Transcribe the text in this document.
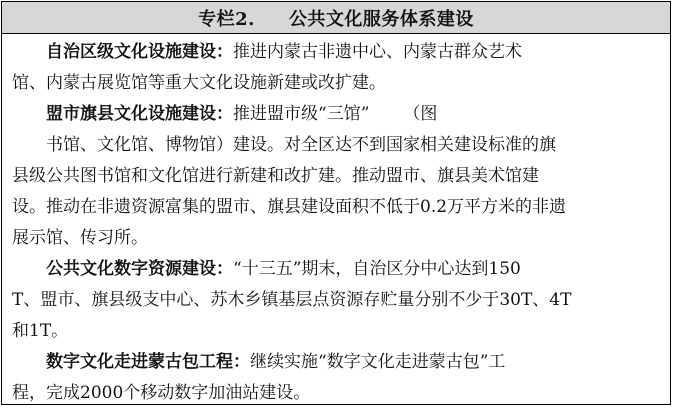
专栏2. 公共文化服务体系建设
自治区级文化设施建设：推进内蒙古非遗中心、内蒙古群众艺术
馆、内蒙古展览馆等重大文化设施新建或改扩建。
盟市旗县文化设施建设：推进盟市级“三馆” （图
书馆、文化馆、博物馆）建设。对全区达不到国家相关建设标准的旗
县级公共图书馆和文化馆进行新建和改扩建。推动盟市、旗县美术馆建
设。推动在非遗资源富集的盟市、旗县建设面积不低于0.2万平方米的非遗
展示馆、传习所。
公共文化数字资源建设：“十三五”期末，自治区分中心达到150
T、盟市、旗县级支中心、苏木乡镇基层点资源存贮量分别不少于30T、4T
和1T。
数字文化走进蒙古包工程：继续实施“数字文化走进蒙古包”工
程，完成2000个移动数字加油站建设。
